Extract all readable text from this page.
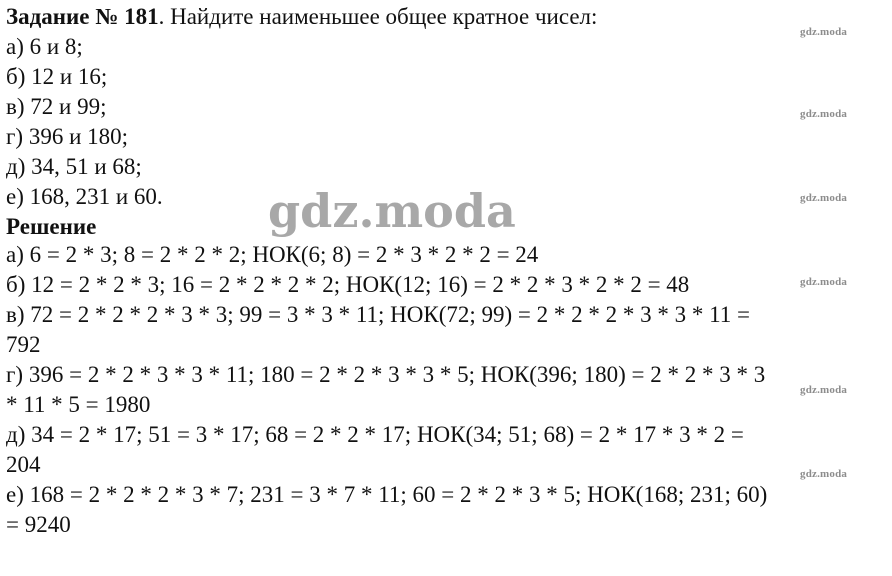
Задание № 181. Найдите наименьшее общее кратное чисел:
а) 6 и 8;
б) 12 и 16;
в) 72 и 99;
г) 396 и 180;
д) 34, 51 и 68;
е) 168, 231 и 60.
Решение
а) 6 = 2 * 3; 8 = 2 * 2 * 2; НОК(6; 8) = 2 * 3 * 2 * 2 = 24
б) 12 = 2 * 2 * 3; 16 = 2 * 2 * 2 * 2; НОК(12; 16) = 2 * 2 * 3 * 2 * 2 = 48
в) 72 = 2 * 2 * 2 * 3 * 3; 99 = 3 * 3 * 11; НОК(72; 99) = 2 * 2 * 2 * 3 * 3 * 11 =
792
г) 396 = 2 * 2 * 3 * 3 * 11; 180 = 2 * 2 * 3 * 3 * 5; НОК(396; 180) = 2 * 2 * 3 * 3
* 11 * 5 = 1980
д) 34 = 2 * 17; 51 = 3 * 17; 68 = 2 * 2 * 17; НОК(34; 51; 68) = 2 * 17 * 3 * 2 =
204
е) 168 = 2 * 2 * 2 * 3 * 7; 231 = 3 * 7 * 11; 60 = 2 * 2 * 3 * 5; НОК(168; 231; 60)
= 9240
gdz.moda
gdz.moda
gdz.moda
gdz.moda
gdz.moda
gdz.moda
gdz.moda
